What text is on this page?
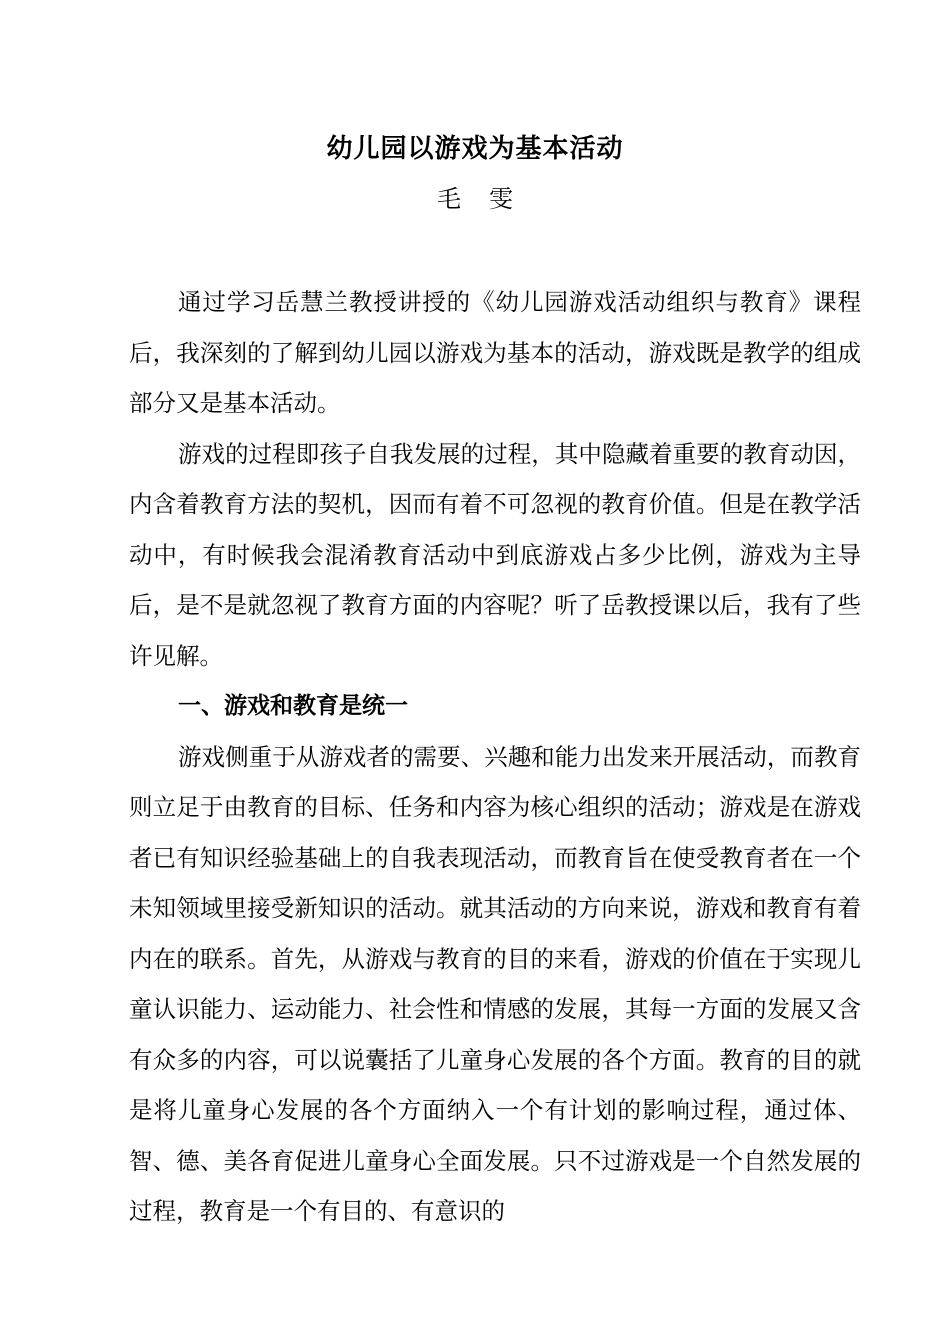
幼儿园以游戏为基本活动
毛雯

通过学习岳慧兰教授讲授的《幼儿园游戏活动组织与教育》课程后，我深刻的了解到幼儿园以游戏为基本的活动，游戏既是教学的组成部分又是基本活动。

游戏的过程即孩子自我发展的过程，其中隐藏着重要的教育动因，内含着教育方法的契机，因而有着不可忽视的教育价值。但是在教学活动中，有时候我会混淆教育活动中到底游戏占多少比例，游戏为主导后，是不是就忽视了教育方面的内容呢？听了岳教授课以后，我有了些许见解。

一、游戏和教育是统一

游戏侧重于从游戏者的需要、兴趣和能力出发来开展活动，而教育则立足于由教育的目标、任务和内容为核心组织的活动；游戏是在游戏者已有知识经验基础上的自我表现活动，而教育旨在使受教育者在一个未知领域里接受新知识的活动。就其活动的方向来说，游戏和教育有着内在的联系。首先，从游戏与教育的目的来看，游戏的价值在于实现儿童认识能力、运动能力、社会性和情感的发展，其每一方面的发展又含有众多的内容，可以说囊括了儿童身心发展的各个方面。教育的目的就是将儿童身心发展的各个方面纳入一个有计划的影响过程，通过体、智、德、美各育促进儿童身心全面发展。只不过游戏是一个自然发展的过程，教育是一个有目的、有意识的
